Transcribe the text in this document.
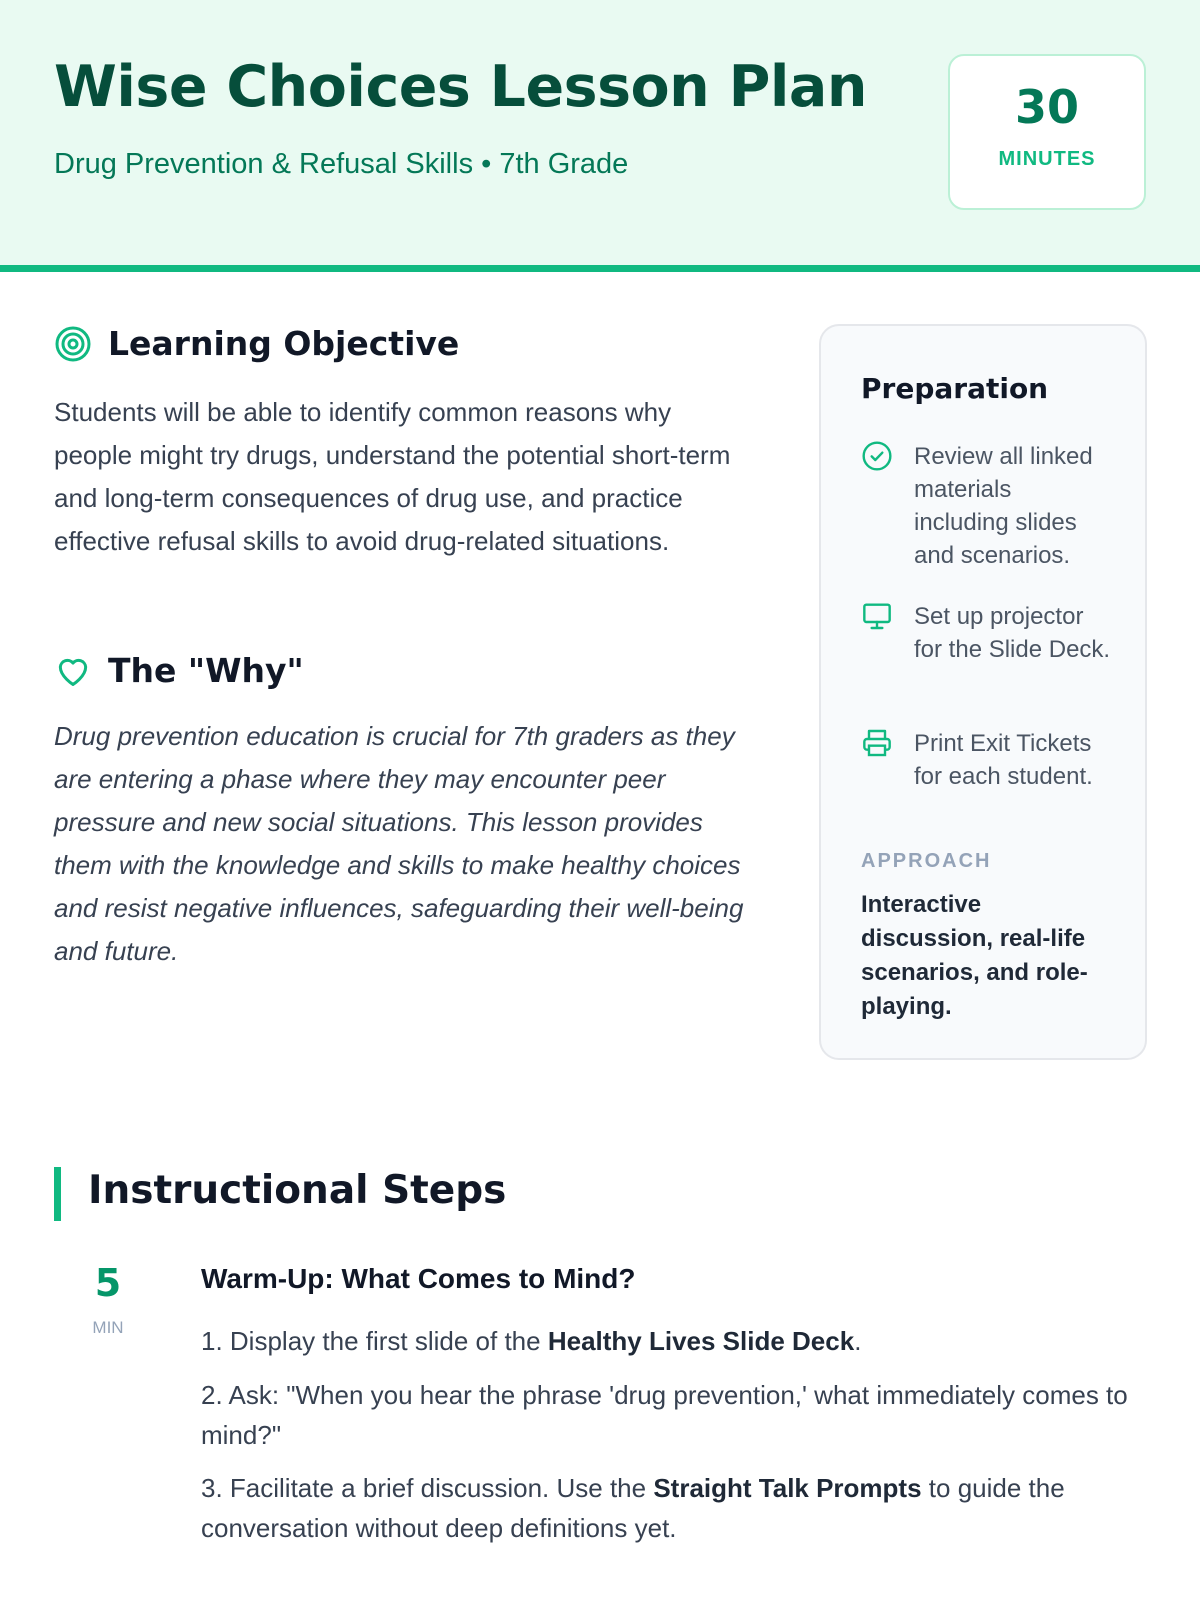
Wise Choices Lesson Plan
Drug Prevention & Refusal Skills • 7th Grade
30
MINUTES
Learning Objective

Students will be able to identify common reasons why people might try drugs, understand the potential short-term and long-term consequences of drug use, and practice effective refusal skills to avoid drug-related situations.

The "Why"

Drug prevention education is crucial for 7th graders as they are entering a phase where they may encounter peer pressure and new social situations. This lesson provides them with the knowledge and skills to make healthy choices and resist negative influences, safeguarding their well-being and future.

Preparation
Review all linked materials including slides and scenarios.
Set up projector for the Slide Deck.
Print Exit Tickets for each student.
APPROACH
Interactive discussion, real-life scenarios, and role-playing.
Instructional Steps
5
MIN
Warm-Up: What Comes to Mind?

1. Display the first slide of the Healthy Lives Slide Deck.

2. Ask: "When you hear the phrase 'drug prevention,' what immediately comes to mind?"

3. Facilitate a brief discussion. Use the Straight Talk Prompts to guide the conversation without deep definitions yet.
